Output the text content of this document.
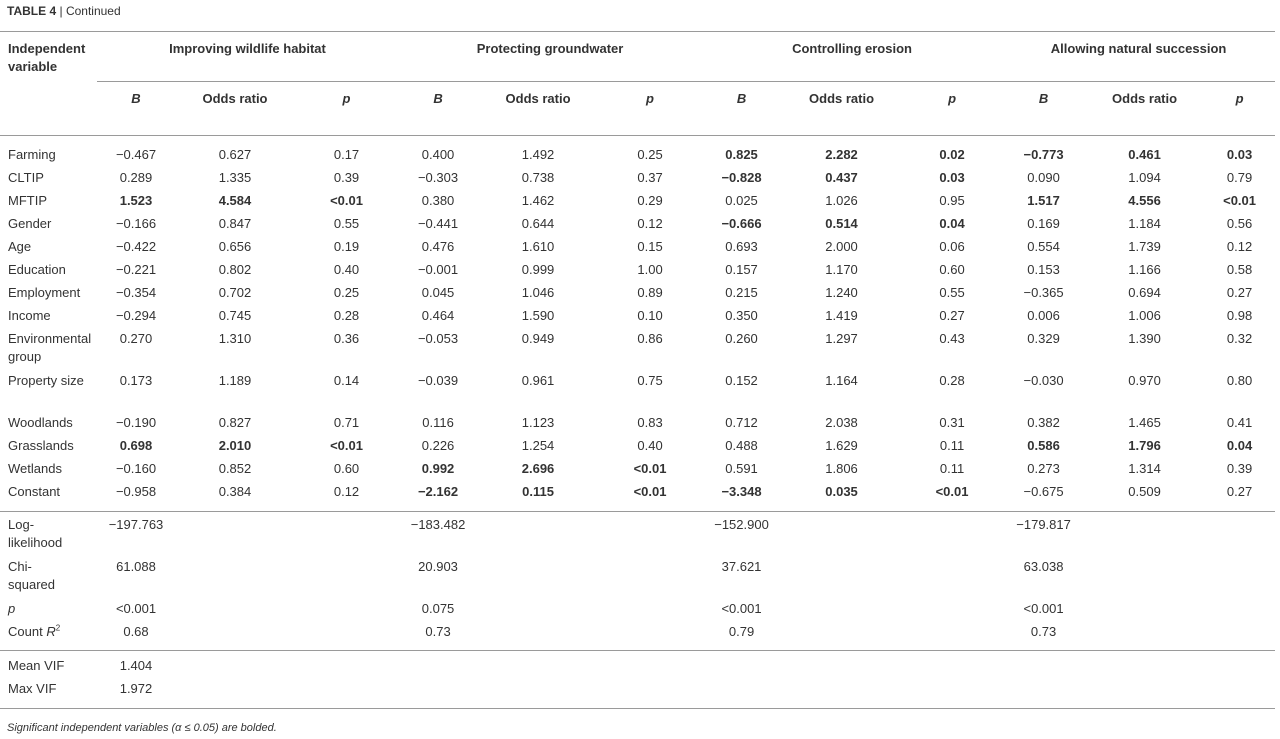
TABLE 4 | Continued
Independent variable	Improving wildlife habitat			Protecting groundwater			Controlling erosion			Allowing natural succession		
	B	Odds ratio	p	B	Odds ratio	p	B	Odds ratio	p	B	Odds ratio	p

Farming	−0.467	0.627	0.17	0.400	1.492	0.25	0.825	2.282	0.02	−0.773	0.461	0.03
CLTIP	0.289	1.335	0.39	−0.303	0.738	0.37	−0.828	0.437	0.03	0.090	1.094	0.79
MFTIP	1.523	4.584	<0.01	0.380	1.462	0.29	0.025	1.026	0.95	1.517	4.556	<0.01
Gender	−0.166	0.847	0.55	−0.441	0.644	0.12	−0.666	0.514	0.04	0.169	1.184	0.56
Age	−0.422	0.656	0.19	0.476	1.610	0.15	0.693	2.000	0.06	0.554	1.739	0.12
Education	−0.221	0.802	0.40	−0.001	0.999	1.00	0.157	1.170	0.60	0.153	1.166	0.58
Employment	−0.354	0.702	0.25	0.045	1.046	0.89	0.215	1.240	0.55	−0.365	0.694	0.27
Income	−0.294	0.745	0.28	0.464	1.590	0.10	0.350	1.419	0.27	0.006	1.006	0.98
Environmental group	0.270	1.310	0.36	−0.053	0.949	0.86	0.260	1.297	0.43	0.329	1.390	0.32
Property size	0.173	1.189	0.14	−0.039	0.961	0.75	0.152	1.164	0.28	−0.030	0.970	0.80
Woodlands	−0.190	0.827	0.71	0.116	1.123	0.83	0.712	2.038	0.31	0.382	1.465	0.41
Grasslands	0.698	2.010	<0.01	0.226	1.254	0.40	0.488	1.629	0.11	0.586	1.796	0.04
Wetlands	−0.160	0.852	0.60	0.992	2.696	<0.01	0.591	1.806	0.11	0.273	1.314	0.39
Constant	−0.958	0.384	0.12	−2.162	0.115	<0.01	−3.348	0.035	<0.01	−0.675	0.509	0.27

Log-likelihood	−197.763			−183.482			−152.900			−179.817		
Chi-squared	61.088			20.903			37.621			63.038		
p	<0.001			0.075			<0.001			<0.001		
Count $R^2$	0.68			0.73			0.79			0.73		

Mean VIF	1.404											
Max VIF	1.972											

Significant independent variables (α ≤ 0.05) are bolded.
